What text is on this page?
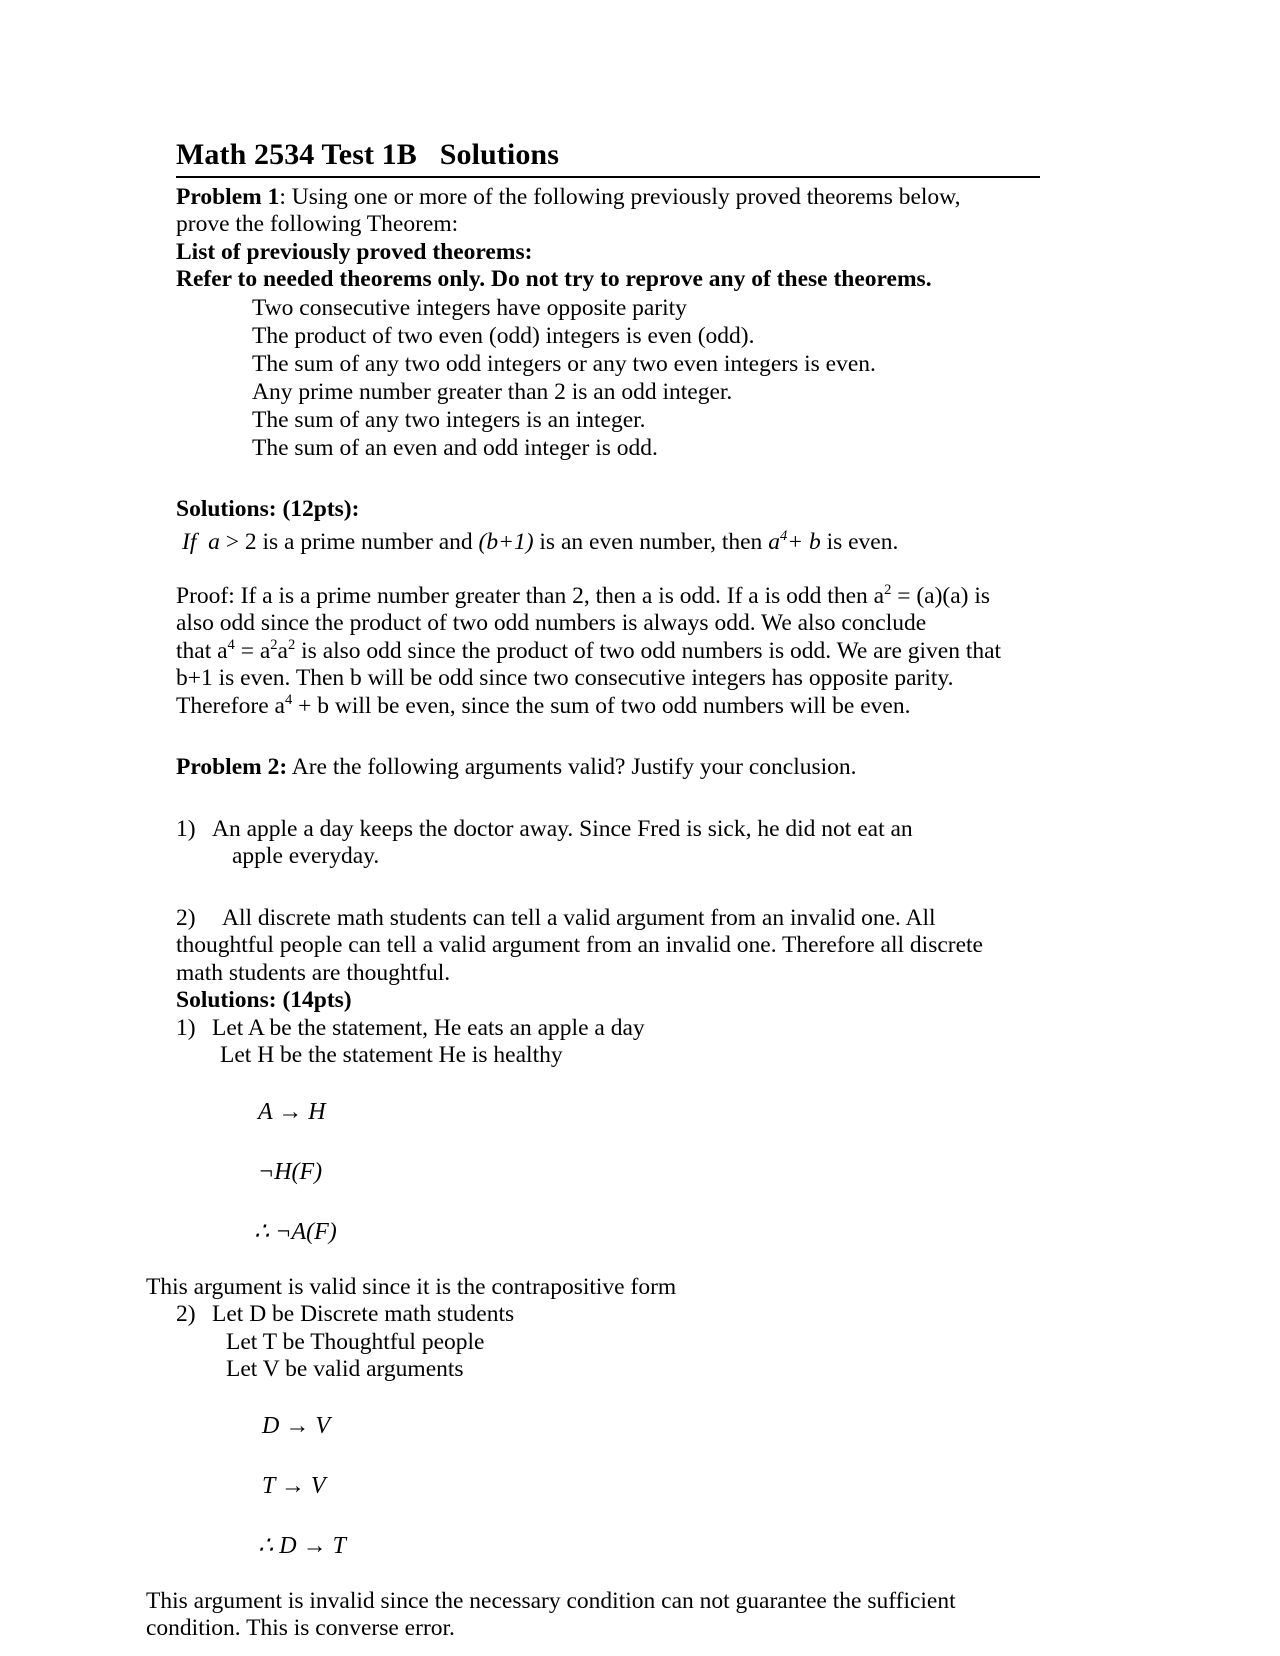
Math 2534 Test 1B   Solutions

Problem 1: Using one or more of the following previously proved theorems below,

prove the following Theorem:

List of previously proved theorems:

Refer to needed theorems only. Do not try to reprove any of these theorems.

Two consecutive integers have opposite parity

The product of two even (odd) integers is even (odd).

The sum of any two odd integers or any two even integers is even.

Any prime number greater than 2 is an odd integer.

The sum of any two integers is an integer.

The sum of an even and odd integer is odd.

Solutions: (12pts):

If a > 2 is a prime number and (b+1) is an even number, then $a^4+ b$ is even.

Proof: If a is a prime number greater than 2, then a is odd. If a is odd then $a^2 = (a)(a)$ is

also odd since the product of two odd numbers is always odd. We also conclude

that $a^4 = a^2a^2$ is also odd since the product of two odd numbers is odd. We are given that

b+1 is even. Then b will be odd since two consecutive integers has opposite parity.

Therefore $a^4 + b$ will be even, since the sum of two odd numbers will be even.

Problem 2: Are the following arguments valid? Justify your conclusion.

1) An apple a day keeps the doctor away. Since Fred is sick, he did not eat an

apple everyday.

2)	All discrete math students can tell a valid argument from an invalid one. All

thoughtful people can tell a valid argument from an invalid one. Therefore all discrete

math students are thoughtful.

Solutions: (14pts)

1) Let A be the statement, He eats an apple a day

Let H be the statement He is healthy

A → H

¬H(F)

∴ ¬A(F)

This argument is valid since it is the contrapositive form

2) Let D be Discrete math students

Let T be Thoughtful people

Let V be valid arguments

D → V

T → V

∴ D → T

This argument is invalid since the necessary condition can not guarantee the sufficient

condition. This is converse error.
